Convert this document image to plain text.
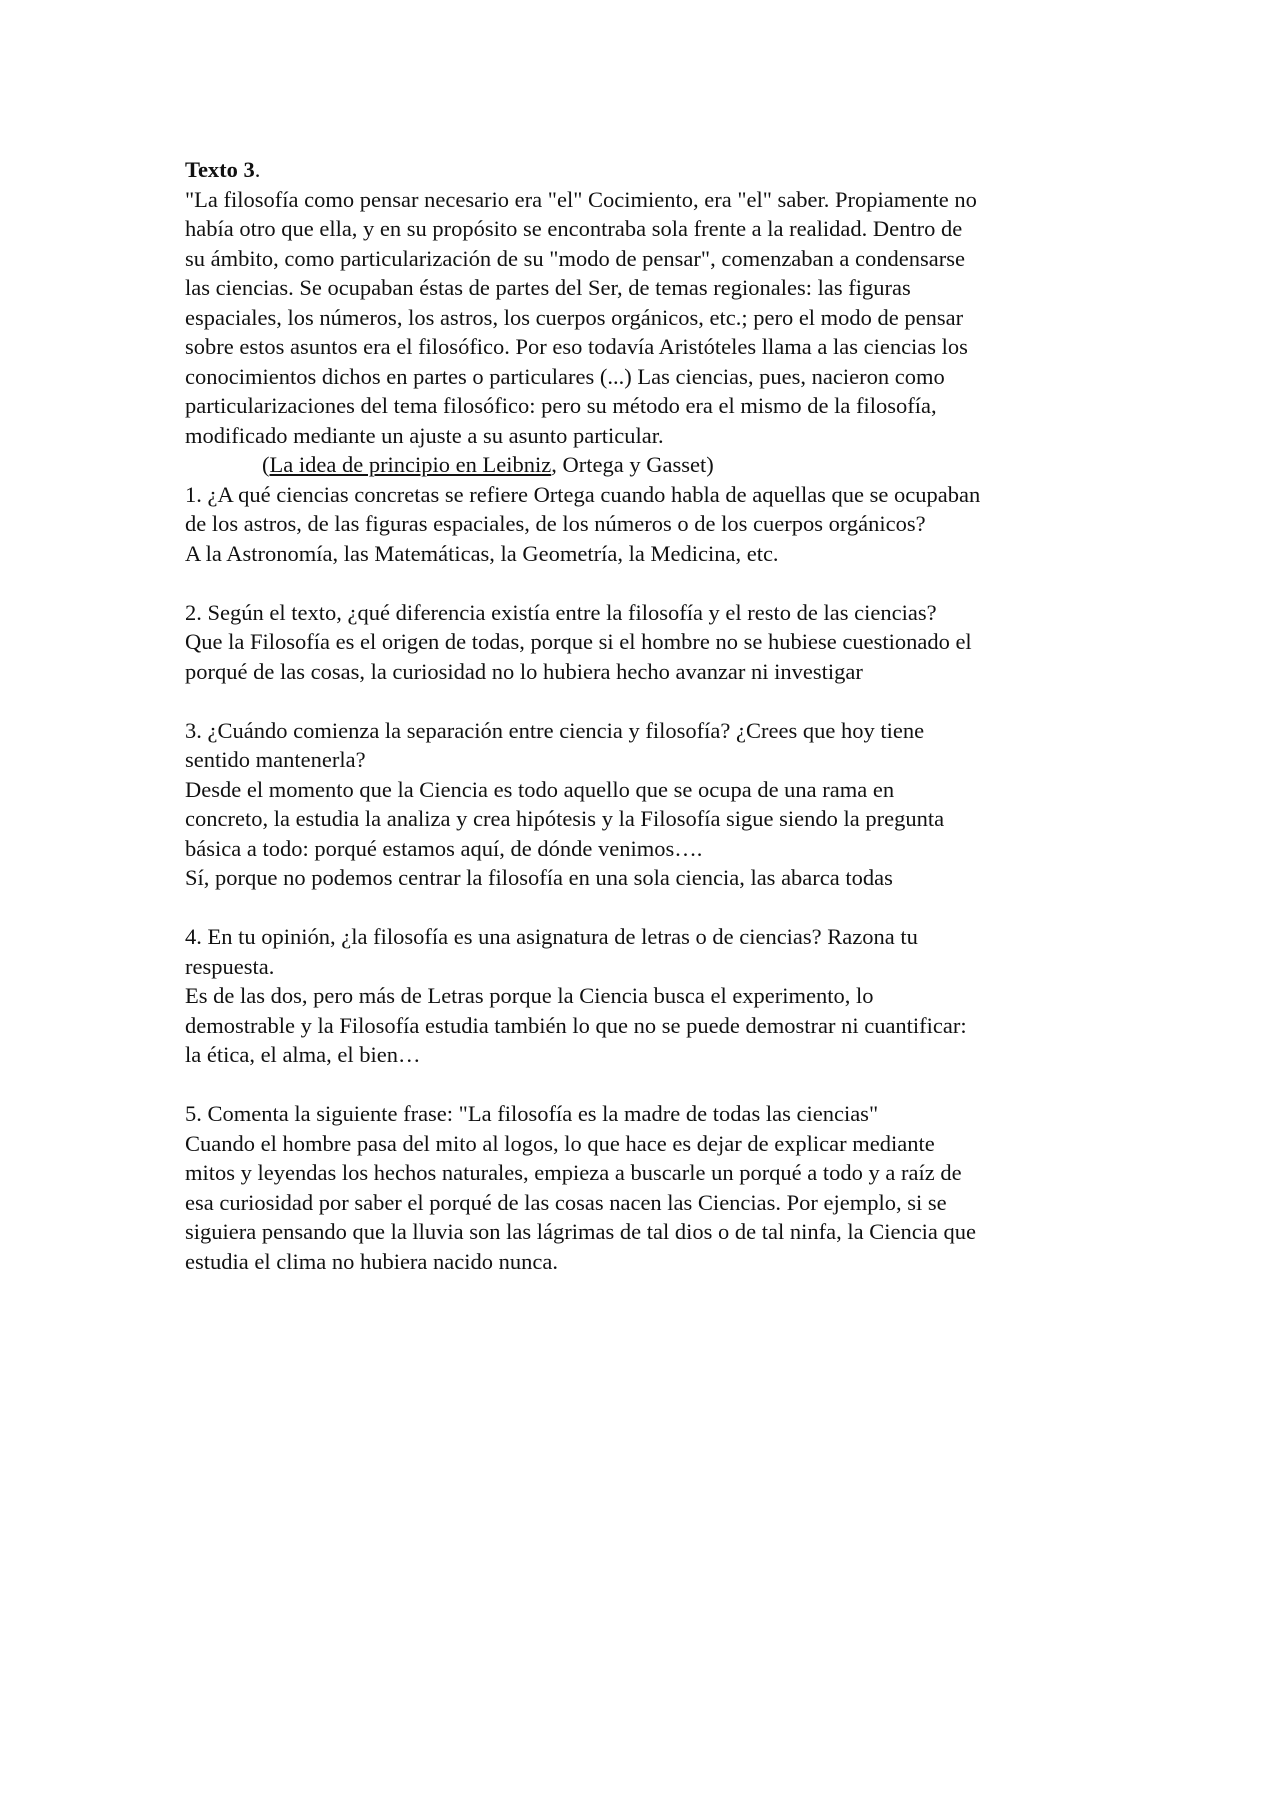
Texto 3.
"La filosofía como pensar necesario era "el" Cocimiento, era "el" saber. Propiamente no
había otro que ella, y en su propósito se encontraba sola frente a la realidad. Dentro de
su ámbito, como particularización de su "modo de pensar", comenzaban a condensarse
las ciencias. Se ocupaban éstas de partes del Ser, de temas regionales: las figuras
espaciales, los números, los astros, los cuerpos orgánicos, etc.; pero el modo de pensar
sobre estos asuntos era el filosófico. Por eso todavía Aristóteles llama a las ciencias los
conocimientos dichos en partes o particulares (...) Las ciencias, pues, nacieron como
particularizaciones del tema filosófico: pero su método era el mismo de la filosofía,
modificado mediante un ajuste a su asunto particular.
(La idea de principio en Leibniz, Ortega y Gasset)
1. ¿A qué ciencias concretas se refiere Ortega cuando habla de aquellas que se ocupaban
de los astros, de las figuras espaciales, de los números o de los cuerpos orgánicos?
A la Astronomía, las Matemáticas, la Geometría, la Medicina, etc.
2. Según el texto, ¿qué diferencia existía entre la filosofía y el resto de las ciencias?
Que la Filosofía es el origen de todas, porque si el hombre no se hubiese cuestionado el
porqué de las cosas, la curiosidad no lo hubiera hecho avanzar ni investigar
3. ¿Cuándo comienza la separación entre ciencia y filosofía? ¿Crees que hoy tiene
sentido mantenerla?
Desde el momento que la Ciencia es todo aquello que se ocupa de una rama en
concreto, la estudia la analiza y crea hipótesis y la Filosofía sigue siendo la pregunta
básica a todo: porqué estamos aquí, de dónde venimos….
Sí, porque no podemos centrar la filosofía en una sola ciencia, las abarca todas
4. En tu opinión, ¿la filosofía es una asignatura de letras o de ciencias? Razona tu
respuesta.
Es de las dos, pero más de Letras porque la Ciencia busca el experimento, lo
demostrable y la Filosofía estudia también lo que no se puede demostrar ni cuantificar:
la ética, el alma, el bien…
5. Comenta la siguiente frase: "La filosofía es la madre de todas las ciencias"
Cuando el hombre pasa del mito al logos, lo que hace es dejar de explicar mediante
mitos y leyendas los hechos naturales, empieza a buscarle un porqué a todo y a raíz de
esa curiosidad por saber el porqué de las cosas nacen las Ciencias. Por ejemplo, si se
siguiera pensando que la lluvia son las lágrimas de tal dios o de tal ninfa, la Ciencia que
estudia el clima no hubiera nacido nunca.
